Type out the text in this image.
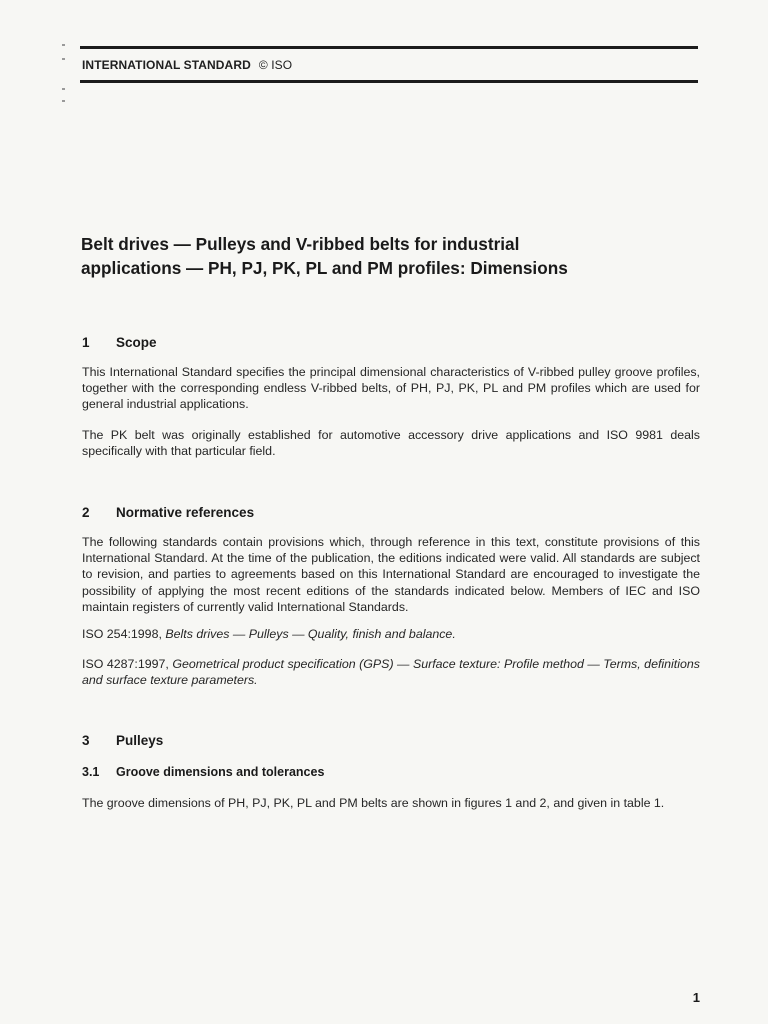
INTERNATIONAL STANDARD © ISO
Belt drives — Pulleys and V-ribbed belts for industrial
applications — PH, PJ, PK, PL and PM profiles: Dimensions
1 Scope
This International Standard specifies the principal dimensional characteristics of V-ribbed pulley groove profiles, together with the corresponding endless V-ribbed belts, of PH, PJ, PK, PL and PM profiles which are used for general industrial applications.
The PK belt was originally established for automotive accessory drive applications and ISO 9981 deals specifically with that particular field.
2 Normative references
The following standards contain provisions which, through reference in this text, constitute provisions of this International Standard. At the time of the publication, the editions indicated were valid. All standards are subject to revision, and parties to agreements based on this International Standard are encouraged to investigate the possibility of applying the most recent editions of the standards indicated below. Members of IEC and ISO maintain registers of currently valid International Standards.
ISO 254:1998, Belts drives — Pulleys — Quality, finish and balance.
ISO 4287:1997, Geometrical product specification (GPS) — Surface texture: Profile method — Terms, definitions and surface texture parameters.
3 Pulleys
3.1 Groove dimensions and tolerances
The groove dimensions of PH, PJ, PK, PL and PM belts are shown in figures 1 and 2, and given in table 1.
1
